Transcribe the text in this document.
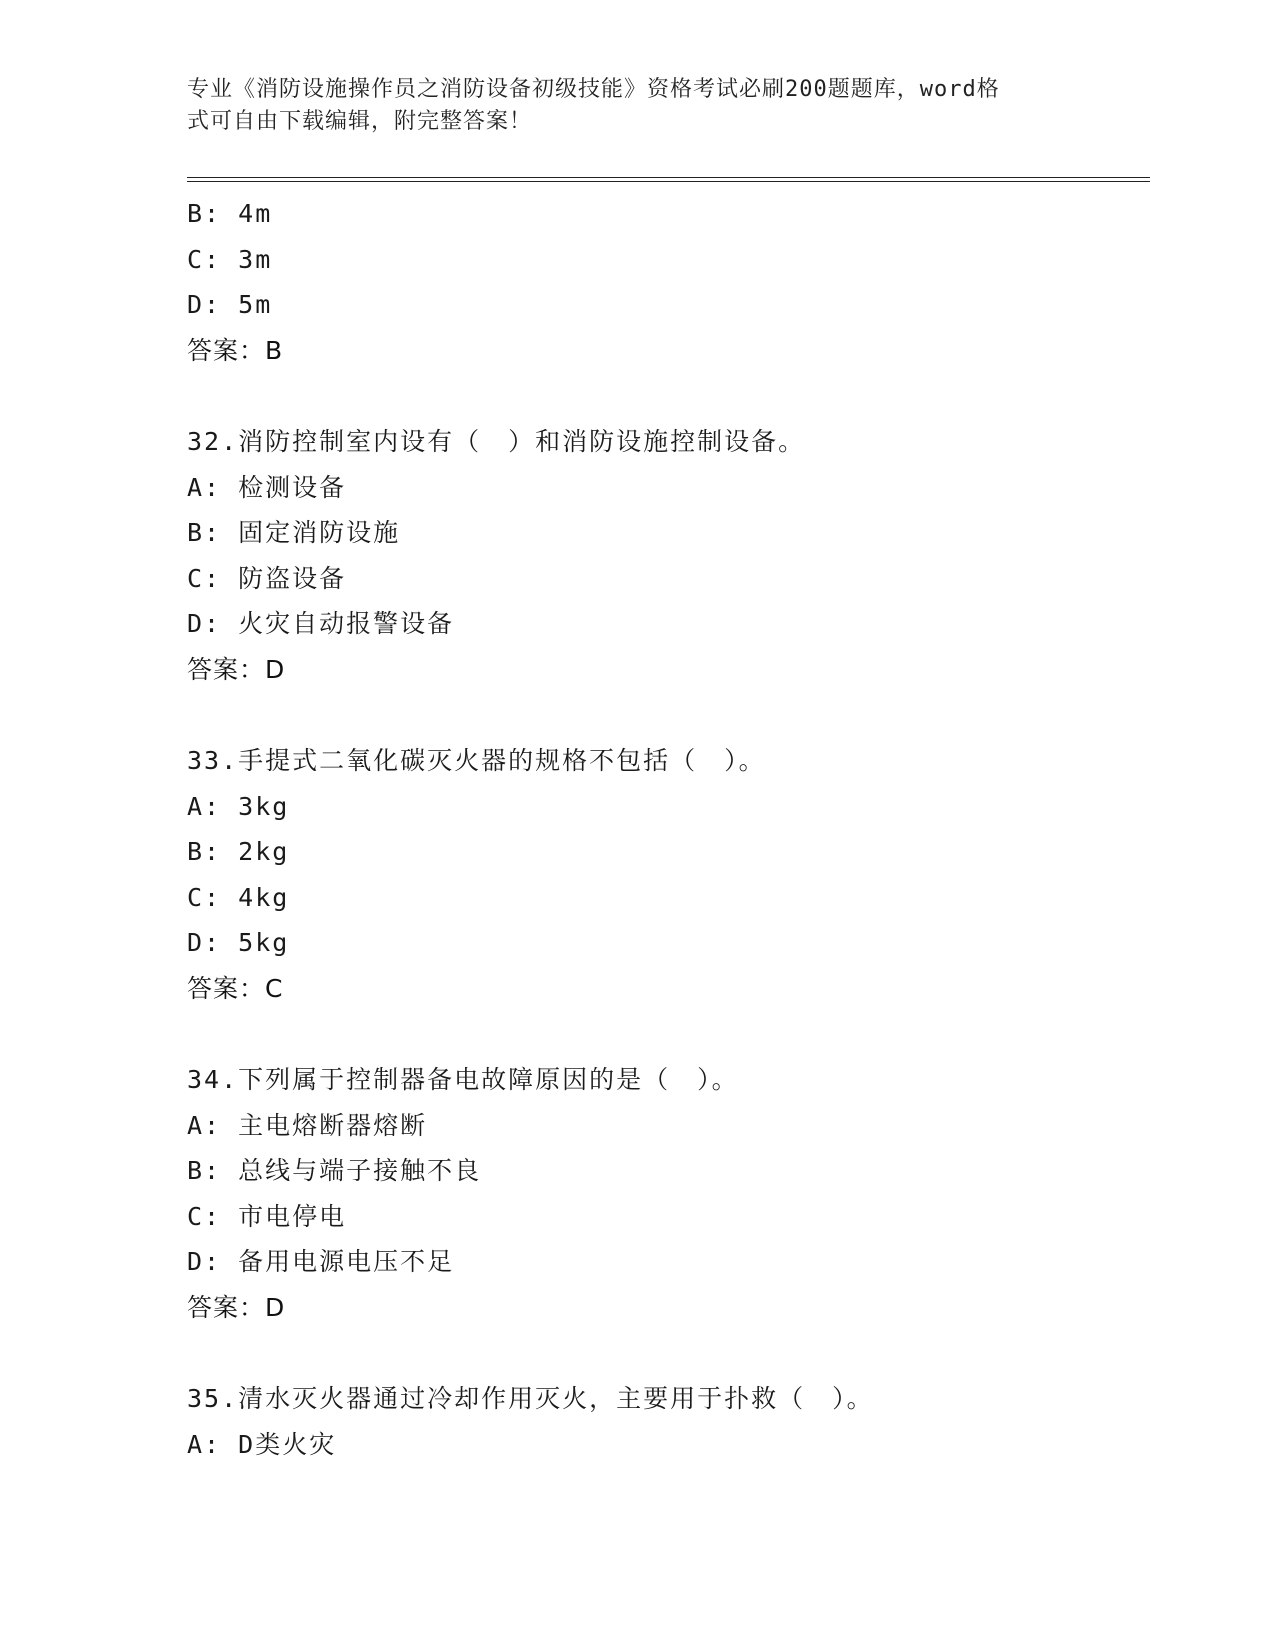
专业《消防设施操作员之消防设备初级技能》资格考试必刷200题题库，word格
式可自由下载编辑，附完整答案！
B: 4m
C: 3m
D: 5m
答案：B
32.消防控制室内设有（　）和消防设施控制设备。
A: 检测设备
B: 固定消防设施
C: 防盗设备
D: 火灾自动报警设备
答案：D
33.手提式二氧化碳灭火器的规格不包括（　）。
A: 3kg
B: 2kg
C: 4kg
D: 5kg
答案：C
34.下列属于控制器备电故障原因的是（　）。
A: 主电熔断器熔断
B: 总线与端子接触不良
C: 市电停电
D: 备用电源电压不足
答案：D
35.清水灭火器通过冷却作用灭火，主要用于扑救（　）。
A: D类火灾
